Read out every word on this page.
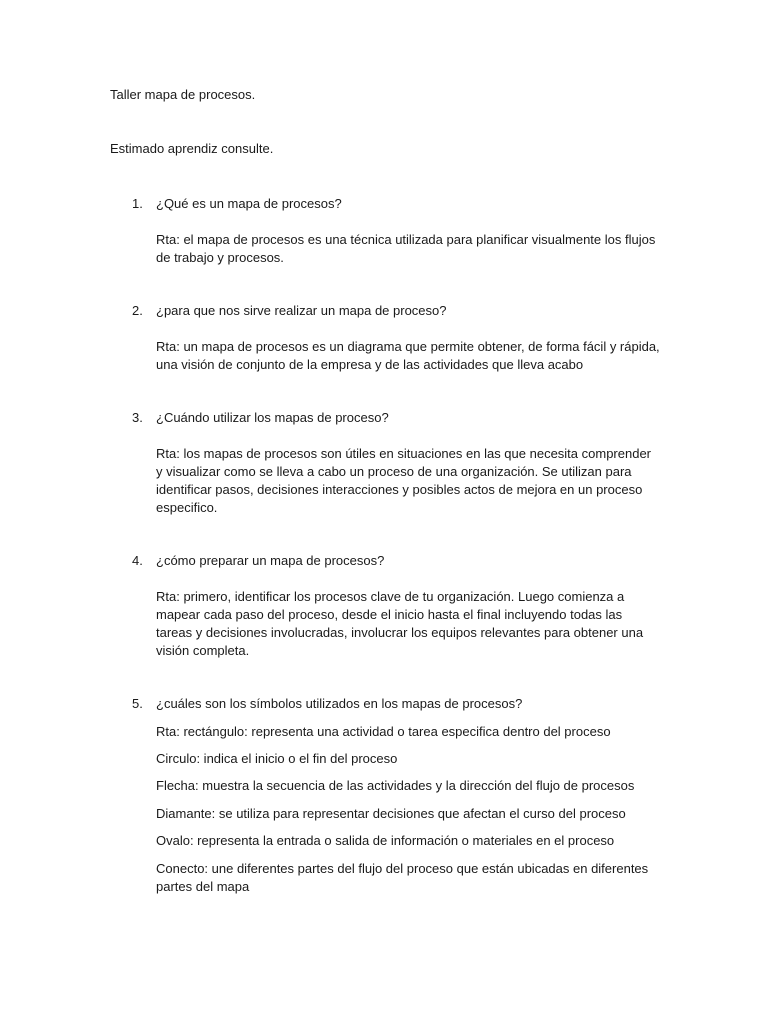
Taller mapa de procesos.

Estimado aprendiz consulte.

1. ¿Qué es un mapa de procesos?

Rta: el mapa de procesos es una técnica utilizada para planificar visualmente los flujos de trabajo y procesos.

2. ¿para que nos sirve realizar un mapa de proceso?

Rta: un mapa de procesos es un diagrama que permite obtener, de forma fácil y rápida, una visión de conjunto de la empresa y de las actividades que lleva acabo

3. ¿Cuándo utilizar los mapas de proceso?

Rta: los mapas de procesos son útiles en situaciones en las que necesita comprender y visualizar como se lleva a cabo un proceso de una organización. Se utilizan para identificar pasos, decisiones interacciones y posibles actos de mejora en un proceso especifico.

4. ¿cómo preparar un mapa de procesos?

Rta: primero, identificar los procesos clave de tu organización. Luego comienza a mapear cada paso del proceso, desde el inicio hasta el final incluyendo todas las tareas y decisiones involucradas, involucrar los equipos relevantes para obtener una visión completa.

5. ¿cuáles son los símbolos utilizados en los mapas de procesos?

Rta: rectángulo: representa una actividad o tarea especifica dentro del proceso

Circulo: indica el inicio o el fin del proceso

Flecha: muestra la secuencia de las actividades y la dirección del flujo de procesos

Diamante: se utiliza para representar decisiones que afectan el curso del proceso

Ovalo: representa la entrada o salida de información o materiales en el proceso

Conecto: une diferentes partes del flujo del proceso que están ubicadas en diferentes partes del mapa
